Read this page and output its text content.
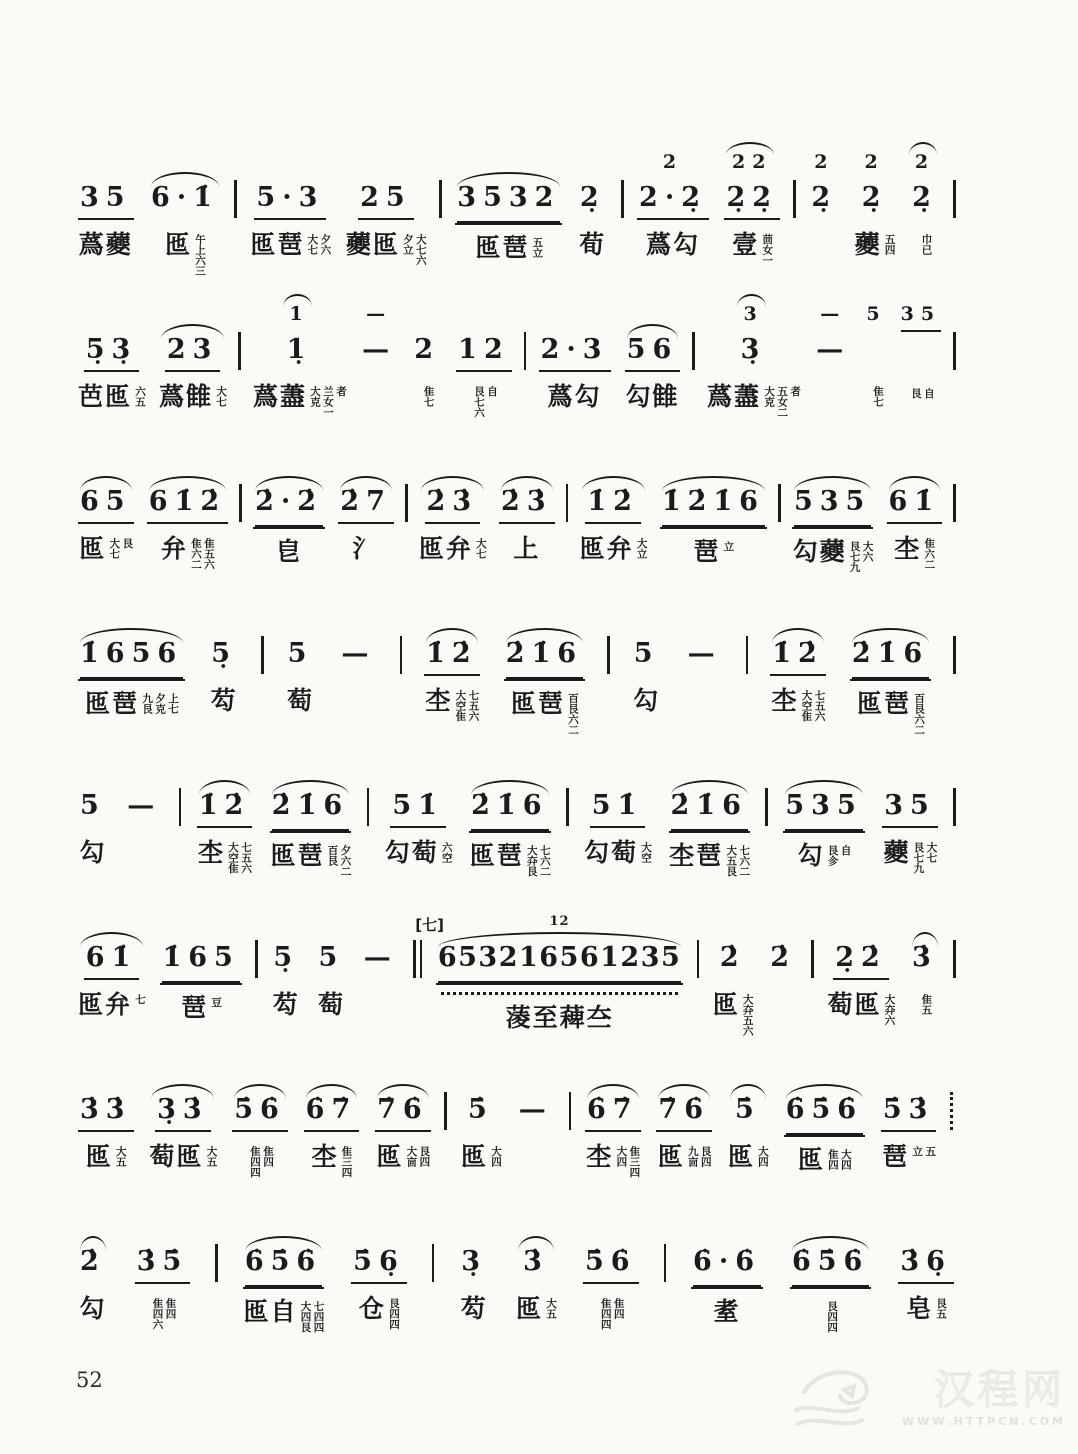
35
蔿蘷
6·1̇
匜 午上六三
5·3
匜琶 大七 夕六
25
虁匜 夕立 大七六
3532
匜琶 五立
2̣
荀
2
2·2̣
蔿勾
22
2̣2̣
壹 茴女一
2
2̣
2
2̣
虁 五四
2
2̣
巾已
5̣3̣
芭匜 六五
23
蔿雔 大七
1
1̣
蔿藎 大克 兰女一 者
—
— 2
隹七
12
艮七六 自
2·3
蔿勾
56
勾雔
3
3̣
蔿藎 大克 五女二 者
—
—
5
隹七
35
艮 自
65
匜 大七 艮
61̇2̇
弁 隹六二 隹五六
2̇·2̇
皀
2̇7
氵
2̇3̇
匜弁 大七
2̇3̇
上
1̇2̇
匜弁 大立
1̇2̇1̇6
琶 立
535
勾蘷 艮七九 大六
61̇
杢 隹六二
1̇656
匜琶 九艮 夕克 上七
5̣
芶
5
萄
— 1̇2̇
杢 大空隹 七五六
2̇1̇6
匜琶 百艮六二
5
勾
— 1̇2̇
杢 大空隹 七五六
2̇1̇6
匜琶 百艮六二
5
勾
— 1̇2̇
杢 大空隹 七五六
2̇1̇6
匜琶 百艮 夕六二
51̇
勾萄 六空
2̇1̇6
匜琶 大㚏艮 七六二
51̇
勾萄 大空
2̇1̇6
杢琶 大五艮 七六二
535
勾 艮㐱 自
35
蘷 艮七九 大七
61̇
匜弁 七
1̇65
琶 豆
5̣
芶
5
萄
—
[七]	12
653216561235
蓤至薭夳
2̇
匜 大㚏五六
2̇ 2̣2̇
萄匜 大㚏六
3̇
隹五
3̇3̇
匜 大五
3̣3̇
萄匜 大五
5̇6̇
隹四四 隹四
6̇7̇
杢 隹三四
7̇6̇
匜 大㐭 艮四
5̇
匜 大四
— 6̇7̇
杢 大四 隹三四
7̇6̇
匜 九㐭 艮四
5̇
匜 大四
6̇5̇6̇
匜 隹四 大四
5̇3̇
琶 立 五
2̇
勾
3̇5̇
隹四六 隹四
6̇5̇6̇
匜自 大四艮 七四四
5̇6̣
仓 艮四四
3̣
芶
3̇
匜 大五
5̇6̇
隹四四 隹四
6̇·6̇
耊
6̇5̇6̇
艮四四
3̇6̣
皂 艮五
52	汉程网
WWW.HTTPCN.COM
